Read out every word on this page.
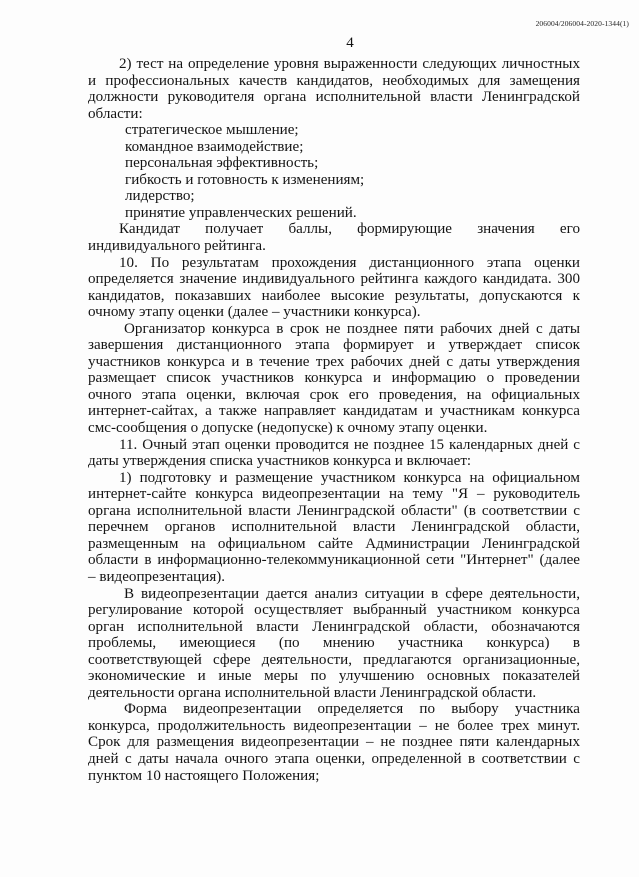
206004/206004-2020-1344(1)
4

2) тест на определение уровня выраженности следующих личностных и профессиональных качеств кандидатов, необходимых для замещения должности руководителя органа исполнительной власти Ленинградской области:

стратегическое мышление;

командное взаимодействие;

персональная эффективность;

гибкость и готовность к изменениям;

лидерство;

принятие управленческих решений.

Кандидат получает баллы, формирующие значения его индивидуального рейтинга.

10. По результатам прохождения дистанционного этапа оценки определяется значение индивидуального рейтинга каждого кандидата. 300 кандидатов, показавших наиболее высокие результаты, допускаются к очному этапу оценки (далее – участники конкурса).

Организатор конкурса в срок не позднее пяти рабочих дней с даты завершения дистанционного этапа формирует и утверждает список участников конкурса и в течение трех рабочих дней с даты утверждения размещает список участников конкурса и информацию о проведении очного этапа оценки, включая срок его проведения, на официальных интернет-сайтах, а также направляет кандидатам и участникам конкурса смс-сообщения о допуске (недопуске) к очному этапу оценки.

11. Очный этап оценки проводится не позднее 15 календарных дней с даты утверждения списка участников конкурса и включает:

1) подготовку и размещение участником конкурса на официальном интернет-сайте конкурса видеопрезентации на тему "Я – руководитель органа исполнительной власти Ленинградской области" (в соответствии с перечнем органов исполнительной власти Ленинградской области, размещенным на официальном сайте Администрации Ленинградской области в информационно-телекоммуникационной сети "Интернет" (далее – видеопрезентация).

В видеопрезентации дается анализ ситуации в сфере деятельности, регулирование которой осуществляет выбранный участником конкурса орган исполнительной власти Ленинградской области, обозначаются проблемы, имеющиеся (по мнению участника конкурса) в соответствующей сфере деятельности, предлагаются организационные, экономические и иные меры по улучшению основных показателей деятельности органа исполнительной власти Ленинградской области.

Форма видеопрезентации определяется по выбору участника конкурса, продолжительность видеопрезентации – не более трех минут. Срок для размещения видеопрезентации – не позднее пяти календарных дней с даты начала очного этапа оценки, определенной в соответствии с пунктом 10 настоящего Положения;
